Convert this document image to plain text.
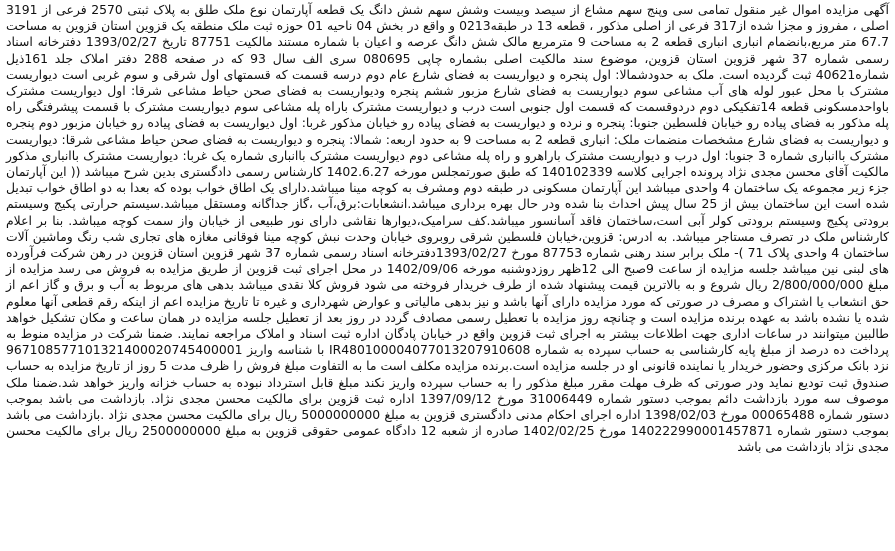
آگهی مزایده اموال غیر منقول تمامی سی وپنج سهم مشاع از سیصد وبیست وشش سهم شش دانگ یک قطعه آپارتمان نوع ملک طلق به پلاک ثبتی 2570 فرعی از 3191 اصلی ، مفروز و مجزا شده از317 فرعی از اصلی مذکور ، قطعه 13 در طبقه0213 و واقع در بخش 04 ناحیه 01 حوزه ثبت ملک منطقه یک قزوین استان قزوین به مساحت 67.7 متر مربع،بانضمام انباری انباری قطعه 2 به مساحت 9 مترمربع مالک شش دانگ عرصه و اعیان با شماره مستند مالکیت 87751 تاریخ 1393/02/27 دفترخانه اسناد رسمی شماره 37 شهر قزوین استان قزوین، موضوع سند مالکیت اصلی بشماره چاپی 080695 سری الف سال 93 که در صفحه 288 دفتر املاک جلد 161ذیل شماره40621 ثبت گردیده است. ملک به حدودشمالا: اول پنجره و دیواریست به فضای شارع عام دوم درسه قسمت که قسمتهای اول شرقی و سوم غربی است دیواریست مشترک با محل عبور لوله های آب مشاعی سوم دیواریست به فضای شارع مزبور ششم پنجره ودیواریست به فضای صحن حیاط مشاعی شرقا: اول دیواریست مشترک باواحدمسکونی قطعه 14تفکیکی دوم دردوقسمت که قسمت اول جنوبی است درب و دیواریست مشترک باراه پله مشاعی سوم دیواریست مشترک با قسمت پیشرفتگی راه پله مذکور به فضای پیاده رو خیابان فلسطین جنوبا: پنجره و نرده و دیواریست به فضای پیاده رو خیابان مذکور غربا: اول دیواریست به فضای پیاده رو خیابان مزبور دوم پنجره و دیواریست به فضای شارع مشخصات منضمات ملک: انباری قطعه 2 به مساحت 9 به حدود اربعه: شمالا: پنجره و دیواریست به فضای صحن حیاط مشاعی شرقا: دیواریست مشترک باانباری شماره 3 جنوبا: اول درب و دیواریست مشترک باراهرو و راه پله مشاعی دوم دیواریست مشترک باانباری شماره یک غربا: دیواریست مشترک باانباری مذکور مالکیت آقای محسن مجدی نژاد پرونده اجرایی کلاسه 140102339 که طبق صورتمجلس مورخه 1402.6.27 کارشناس رسمی دادگستری بدین شرح میباشد (( این آپارتمان جزء زیر مجموعه یک ساختمان 4 واحدی میباشد این آپارتمان مسکونی در طبقه دوم ومشرف به کوچه مینا میباشد.دارای یک اطاق خواب بوده که بعدا به دو اطاق خواب تبدیل شده است این ساختمان بیش از 25 سال پیش احداث بنا شده ودر حال بهره برداری میباشد.انشعابات:برق،آب ،گاز جداگانه ومستقل میباشد.سیستم حرارتی پکیج وسیستم برودتی پکیج وسیستم برودتی کولر آبی است،ساختمان فاقد آسانسور میباشد.کف سرامیک،دیوارها نقاشی دارای نور طبیعی از خیابان واز سمت کوچه میباشد. بنا بر اعلام کارشناس ملک در تصرف مستاجر میباشد. به ادرس: قزوین،خیابان فلسطین شرقی روبروی خیابان وحدت نبش کوچه مینا فوقانی مغازه های تجاری شب رنگ وماشین آلات ساختمان 4 واحدی پلاک 71 )- ملک برابر سند رهنی شماره 87753 مورخ 1393/02/27دفترخانه اسناد رسمی شماره 37 شهر قزوین استان قزوین در رهن شرکت فرآورده های لبنی نین میباشد جلسه مزایده از ساعت 9صبح الی 12ظهر روزدوشنبه مورخه 1402/09/06 در محل اجرای ثبت قزوین از طریق مزایده به فروش می رسد مزایده از مبلغ 2/800/000/000 ریال شروع و به بالاترین قیمت پیشنهاد شده از طرف خریدار فروخته می شود فروش کلا نقدی میباشد بدهی های مربوط به آب و برق و گاز اعم از حق انشعاب یا اشتراک و مصرف در صورتی که مورد مزایده دارای آنها باشد و نیز بدهی مالیاتی و عوارض شهرداری و غیره تا تاریخ مزایده اعم از اینکه رقم قطعی آنها معلوم شده یا نشده باشد به عهده برنده مزایده است و چنانچه روز مزایده با تعطیل رسمی مصادف گردد در روز بعد از تعطیل جلسه مزایده در همان ساعت و مکان تشکیل خواهد طالبین میتوانند در ساعات اداری جهت اطلاعات بیشتر به اجرای ثبت قزوین واقع در خیابان پادگان اداره ثبت اسناد و املاک مراجعه نمایند. ضمنا شرکت در مزایده منوط به پرداخت ده درصد از مبلغ پایه کارشناسی به حساب سپرده به شماره IR480100004077013207910608 با شناسه واریز 967108577101321400020745400001 نزد بانک مرکزی وحضور خریدار یا نماینده قانونی او در جلسه مزایده است.برنده مزایده مکلف است ما به التفاوت مبلغ فروش را ظرف مدت 5 روز از تاریخ مزایده به حساب صندوق ثبت تودیع نماید ودر صورتی که ظرف مهلت مقرر مبلغ مذکور را به حساب سپرده واریز نکند مبلغ قابل استرداد نبوده به حساب خزانه واریز خواهد شد.ضمنا ملک موصوف سه مورد بازداشت دائم بموجب دستور شماره 31006449 مورخ 1397/09/12 اداره ثبت قزوین برای مالکیت محسن مجدی نژاد. بازداشت می باشد بموجب دستور شماره 00065488 مورخ 1398/02/03 اداره اجرای احکام مدنی دادگستری قزوین به مبلغ 5000000000 ریال برای مالکیت محسن مجدی نژاد .بازداشت می باشد بموجب دستور شماره 140222990001457871 مورخ 1402/02/25 صادره از شعبه 12 دادگاه عمومی حقوقی قزوین به مبلغ 2500000000 ریال برای مالکیت محسن مجدی نژاد بازداشت می باشد
